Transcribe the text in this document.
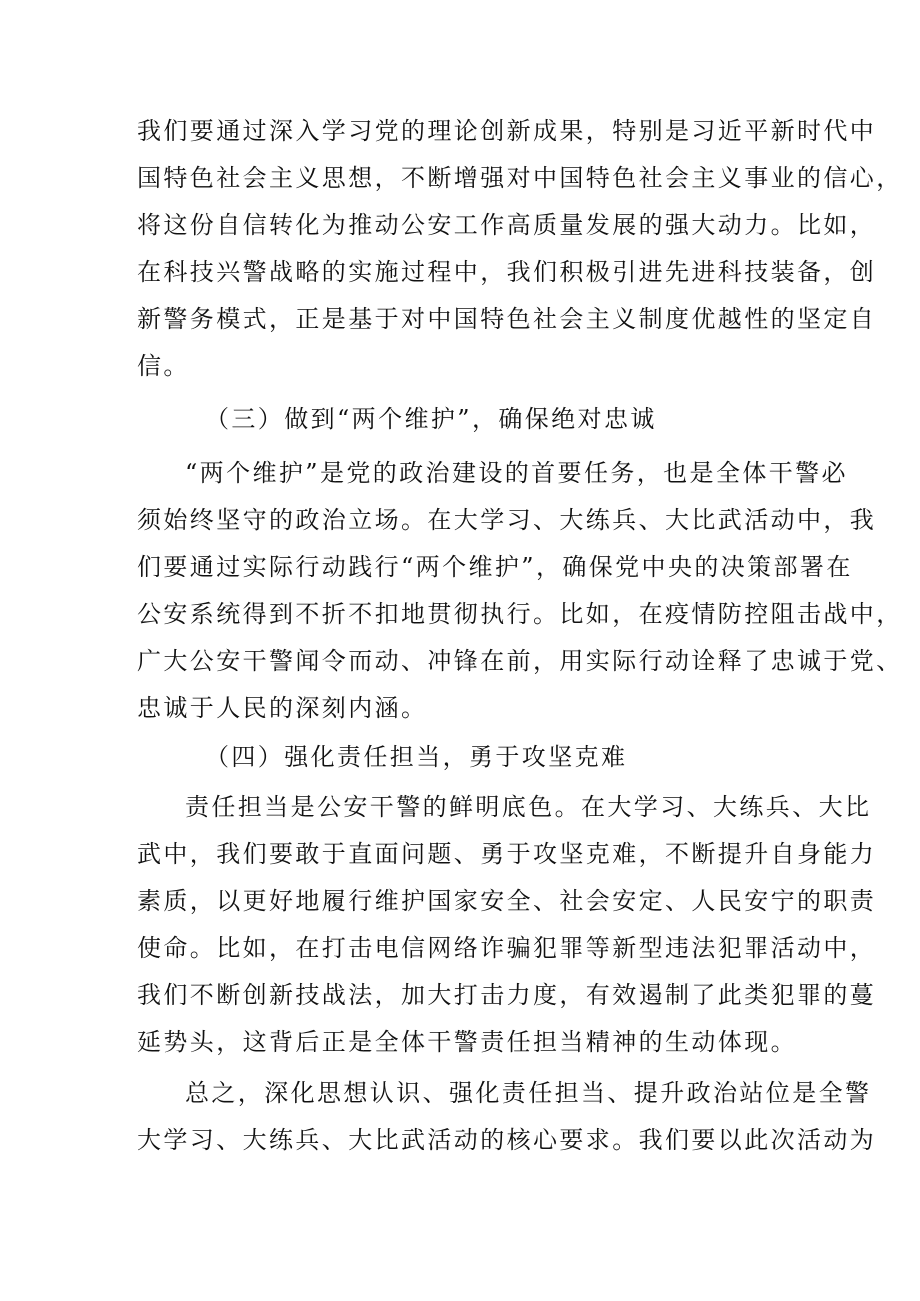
我们要通过深入学习党的理论创新成果，特别是习近平新时代中
国特色社会主义思想，不断增强对中国特色社会主义事业的信心，
将这份自信转化为推动公安工作高质量发展的强大动力。比如，
在科技兴警战略的实施过程中，我们积极引进先进科技装备，创
新警务模式，正是基于对中国特色社会主义制度优越性的坚定自
信。
（三）做到“两个维护”，确保绝对忠诚
“两个维护”是党的政治建设的首要任务，也是全体干警必
须始终坚守的政治立场。在大学习、大练兵、大比武活动中，我
们要通过实际行动践行“两个维护”，确保党中央的决策部署在
公安系统得到不折不扣地贯彻执行。比如，在疫情防控阻击战中，
广大公安干警闻令而动、冲锋在前，用实际行动诠释了忠诚于党、
忠诚于人民的深刻内涵。
（四）强化责任担当，勇于攻坚克难
责任担当是公安干警的鲜明底色。在大学习、大练兵、大比
武中，我们要敢于直面问题、勇于攻坚克难，不断提升自身能力
素质，以更好地履行维护国家安全、社会安定、人民安宁的职责
使命。比如，在打击电信网络诈骗犯罪等新型违法犯罪活动中，
我们不断创新技战法，加大打击力度，有效遏制了此类犯罪的蔓
延势头，这背后正是全体干警责任担当精神的生动体现。
总之，深化思想认识、强化责任担当、提升政治站位是全警
大学习、大练兵、大比武活动的核心要求。我们要以此次活动为
